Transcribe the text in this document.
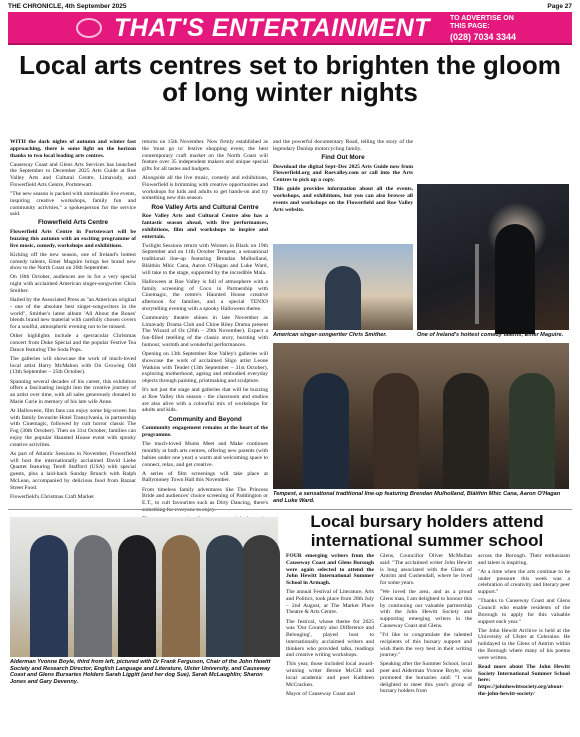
THE CHRONICLE, 4th September 2025	Page 27
THAT'S ENTERTAINMENT	TO ADVERTISE ON THIS PAGE:
(028) 7034 3344
Local arts centres set to brighten the gloom of long winter nights

WITH the dark nights of autumn and winter fast approaching, there is some light on the horizon thanks to two local leading arts centres.

Causeway Coast and Glens Arts Services has launched the September to December 2025 Arts Guide at Roe Valley Arts and Cultural Centre, Limavady, and Flowerfield Arts Centre, Portstewart.

"The new season is packed with unmissable live events, inspiring creative workshops, family fun and community activities," a spokesperson for the service said.

Flowerfield Arts Centre

Flowerfield Arts Centre in Portstewart will be buzzing this autumn with an exciting programme of live music, comedy, workshops and exhibitions.

Kicking off the new season, one of Ireland's hottest comedy talents, Emer Maguire brings her brand new show to the North Coast on 26th September.

On 18th October, audiences are in for a very special night with acclaimed American singer-songwriter Chris Smither.

Hailed by the Associated Press as "an American original - one of the absolute best singer-songwriters in the world", Smither's latest album 'All About the Bones' blends brand new material with carefully chosen covers for a soulful, atmospheric evening not to be missed.

Other highlights include a spectacular Christmas concert from Duke Special and the popular Festive Tea Dance featuring The Soda Pops.

The galleries will showcase the work of much-loved local artist Harry McMahon with On Growing Old (13th September – 25th October).

Spanning several decades of his career, this exhibition offers a fascinating insight into the creative journey of an artist over time, with all sales generously donated to Marie Curie in memory of his late wife Anne.

At Halloween, film fans can enjoy some big-screen fun with family favourite Hotel Transylvania, in partnership with Cinemagic, followed by cult horror classic The Fog (30th October). Then on 31st October, families can enjoy the popular Haunted House event with spooky creative activities.

As part of Atlantic Sessions in November, Flowerfield will host the internationally acclaimed David Liebe Quartet featuring Terell Stafford (USA) with special guests, plus a laid-back Sunday Brunch with Ralph McLean, accompanied by delicious food from Bazaar Street Food.

Flowerfield's Christmas Craft Market

returns on 15th November. Now firmly established as the 'must go to' festive shopping event, the best contemporary craft market on the North Coast will feature over 35 independent makers and unique special gifts for all tastes and budgets.

Alongside all the live music, comedy and exhibitions, Flowerfield is brimming with creative opportunities and workshops for kids and adults to get hands-on and try something new this season.

Roe Valley Arts and Cultural Centre

Roe Valley Arts and Cultural Centre also has a fantastic season ahead, with live performances, exhibitions, film and workshops to inspire and entertain.

Twilight Sessions return with Women in Black on 19th September and on 11th October Tempest, a sensational traditional line-up featuring Brendan Mulholland, Bláithín Mhic Cana, Aaron O'Hagan and Luke Ward, will take to the stage, supported by the incredible Mala.

Halloween at Roe Valley is full of atmosphere with a family screening of Coco in Partnership with Cinemagic, the centre's Haunted House creative afternoon for families, and a special TENX9 storytelling evening with a spooky Halloween theme.

Community theatre shines in late November as Limavady Drama Club and Chloe Riley Drama present The Wizard of Oz (26th – 29th November). Expect a fun-filled retelling of the classic story, bursting with humour, warmth and wonderful performances.

Opening on 13th September Roe Valley's galleries will showcase the work of acclaimed Sligo artist Leone Watkins with Tender (13th September – 31st October), exploring motherhood, ageing and embodied everyday objects through painting, printmaking and sculpture.

It's not just the stage and galleries that will be buzzing at Roe Valley this season - the classroom and studios are also alive with a colourful mix of workshops for adults and kids.

Community and Beyond

Community engagement remains at the heart of the programme.

The much-loved Mums Meet and Make continues monthly at both arts centres, offering new parents (with babies under one year) a warm and welcoming space to connect, relax, and get creative.

A series of film screenings will take place at Ballymoney Town Hall this November.

From timeless family adventures like The Princess Bride and audiences' choice screening of Paddington or E.T., to cult favourites such as Dirty Dancing, there's

and the powerful documentary Road, telling the story of the legendary Dunlop motorcycling family.

Find Out More

Download the digital Sept–Dec 2025 Arts Guide now from Flowerfield.org and Roevalley.com or call into the Arts Centres to pick up a copy.

This guide provides information about all the events, workshops, and exhibitions, but you can also browse all events and workshops on the Flowerfield and Roe Valley Arts website.

American singer-songwriter Chris Smither.	One of Ireland's hottest comedy talents, Emer Maguire.
Tempest, a sensational traditional line-up featuring Brendan Mulholland, Bláithín Mhic Cana, Aaron O'Hagan and Luke Ward.
Alderman Yvonne Boyle, third from left, pictured with Dr Frank Ferguson, Chair of the John Hewitt Society and Research Director, English Language and Literature, Ulster University, and Causeway Coast and Glens Bursaries Holders Sarah Liggitt (and her dog Sue), Sarah McLaughlin; Sharon Jones and Gary Devenny.
Local bursary holders attend international summer school

FOUR emerging writers from the Causeway Coast and Glens Borough were again selected to attend the John Hewitt International Summer School in Armagh.

The annual Festival of Literature, Arts and Politics, took place from 28th July – 2nd August, at The Market Place Theatre & Arts Centre.

The festival, whose theme for 2025 was 'Our Country also Difference and Belonging', played host to internationally acclaimed writers and thinkers who provided talks, readings and creative writing workshops.

This year, those included local award-winning writer Bernie McGill and local academic and poet Kathleen McCracken.

Mayor of Causeway Coast and

Glens, Councillor Oliver McMullan said: "The acclaimed writer John Hewitt is long associated with the Glens of Antrim and Cushendall, where he lived for some years.

"We loved the area, and as a proud Glens man, I am delighted to honour this by continuing our valuable partnership with the John Hewitt Society and supporting emerging writers in the Causeway Coast and Glens.

"I'd like to congratulate the talented recipients of this bursary support and wish them the very best in their writing journey."

Speaking after the Summer School, local poet and Alderman Yvonne Boyle, who promoted the bursaries said: "I was delighted to meet this year's group of bursary holders from

across the Borough. Their enthusiasm and talent is inspiring.

"At a time when the arts continue to be under pressure this week was a celebration of creativity and literary peer support."

"Thanks to Causeway Coast and Glens Council who enable residents of the Borough to apply for this valuable support each year."

The John Hewitt Archive is held at the University of Ulster at Coleraine. He holidayed in the Glens of Antrim within the Borough where many of his poems were written.

Read more about The John Hewitt Society International Summer School here: https://johnhewittsociety.org/about-the-john-hewitt-society/
